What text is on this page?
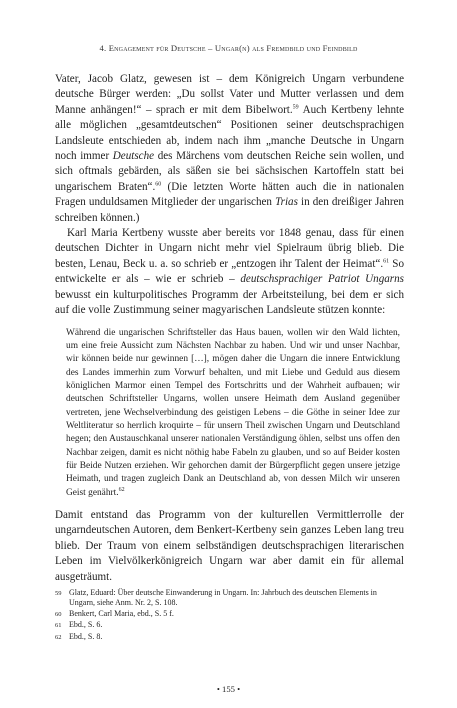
4. Engagement für Deutsche – Ungar(n) als Fremdbild und Feindbild

Vater, Jacob Glatz, gewesen ist – dem Königreich Ungarn verbundene deutsche Bürger werden: „Du sollst Vater und Mutter verlassen und dem Manne anhängen!“ – sprach er mit dem Bibelwort.$^{59}$ Auch Kertbeny lehnte alle möglichen „gesamtdeutschen“ Positionen seiner deutschsprachigen Landsleute entschieden ab, indem nach ihm „manche Deutsche in Ungarn noch immer Deutsche des Märchens vom deutschen Reiche sein wollen, und sich oftmals gebärden, als säßen sie bei sächsischen Kartoffeln statt bei ungarischem Braten“.$^{60}$ (Die letzten Worte hätten auch die in nationalen Fragen unduldsamen Mitglieder der ungarischen Trias in den dreißiger Jahren schreiben können.)

Karl Maria Kertbeny wusste aber bereits vor 1848 genau, dass für einen deutschen Dichter in Ungarn nicht mehr viel Spielraum übrig blieb. Die besten, Lenau, Beck u. a. so schrieb er „entzogen ihr Talent der Heimat“.$^{61}$ So entwickelte er als – wie er schrieb – deutschsprachiger Patriot Ungarns bewusst ein kulturpolitisches Programm der Arbeitsteilung, bei dem er sich auf die volle Zustimmung seiner magyarischen Landsleute stützen konnte:

Während die ungarischen Schriftsteller das Haus bauen, wollen wir den Wald lichten, um eine freie Aussicht zum Nächsten Nachbar zu haben. Und wir und unser Nachbar, wir können beide nur gewinnen […], mögen daher die Ungarn die innere Entwicklung des Landes immerhin zum Vorwurf behalten, und mit Liebe und Geduld aus diesem königlichen Marmor einen Tempel des Fortschritts und der Wahrheit aufbauen; wir deutschen Schriftsteller Ungarns, wollen unsere Heimath dem Ausland gegenüber vertreten, jene Wechselverbindung des geistigen Lebens – die Göthe in seiner Idee zur Weltliteratur so herrlich kroquirte – für unsern Theil zwischen Ungarn und Deutschland hegen; den Austauschkanal unserer nationalen Verständigung öhlen, selbst uns offen den Nachbar zeigen, damit es nicht nöthig habe Fabeln zu glauben, und so auf Beider kosten für Beide Nutzen erziehen. Wir gehorchen damit der Bürgerpflicht gegen unsere jetzige Heimath, und tragen zugleich Dank an Deutschland ab, von dessen Milch wir unseren Geist genährt.$^{62}$

Damit entstand das Programm von der kulturellen Vermittlerrolle der ungarndeutschen Autoren, dem Benkert-Kertbeny sein ganzes Leben lang treu blieb. Der Traum von einem selbständigen deutschsprachigen literarischen Leben im Vielvölkerkönigreich Ungarn war aber damit ein für allemal ausgeträumt.

59 Glatz, Eduard: Über deutsche Einwanderung in Ungarn. In: Jahrbuch des deutschen Elements in Ungarn, siehe Anm. Nr. 2, S. 108.
60 Benkert, Carl Maria, ebd., S. 5 f.
61 Ebd., S. 6.
62 Ebd., S. 8.
• 155 •
